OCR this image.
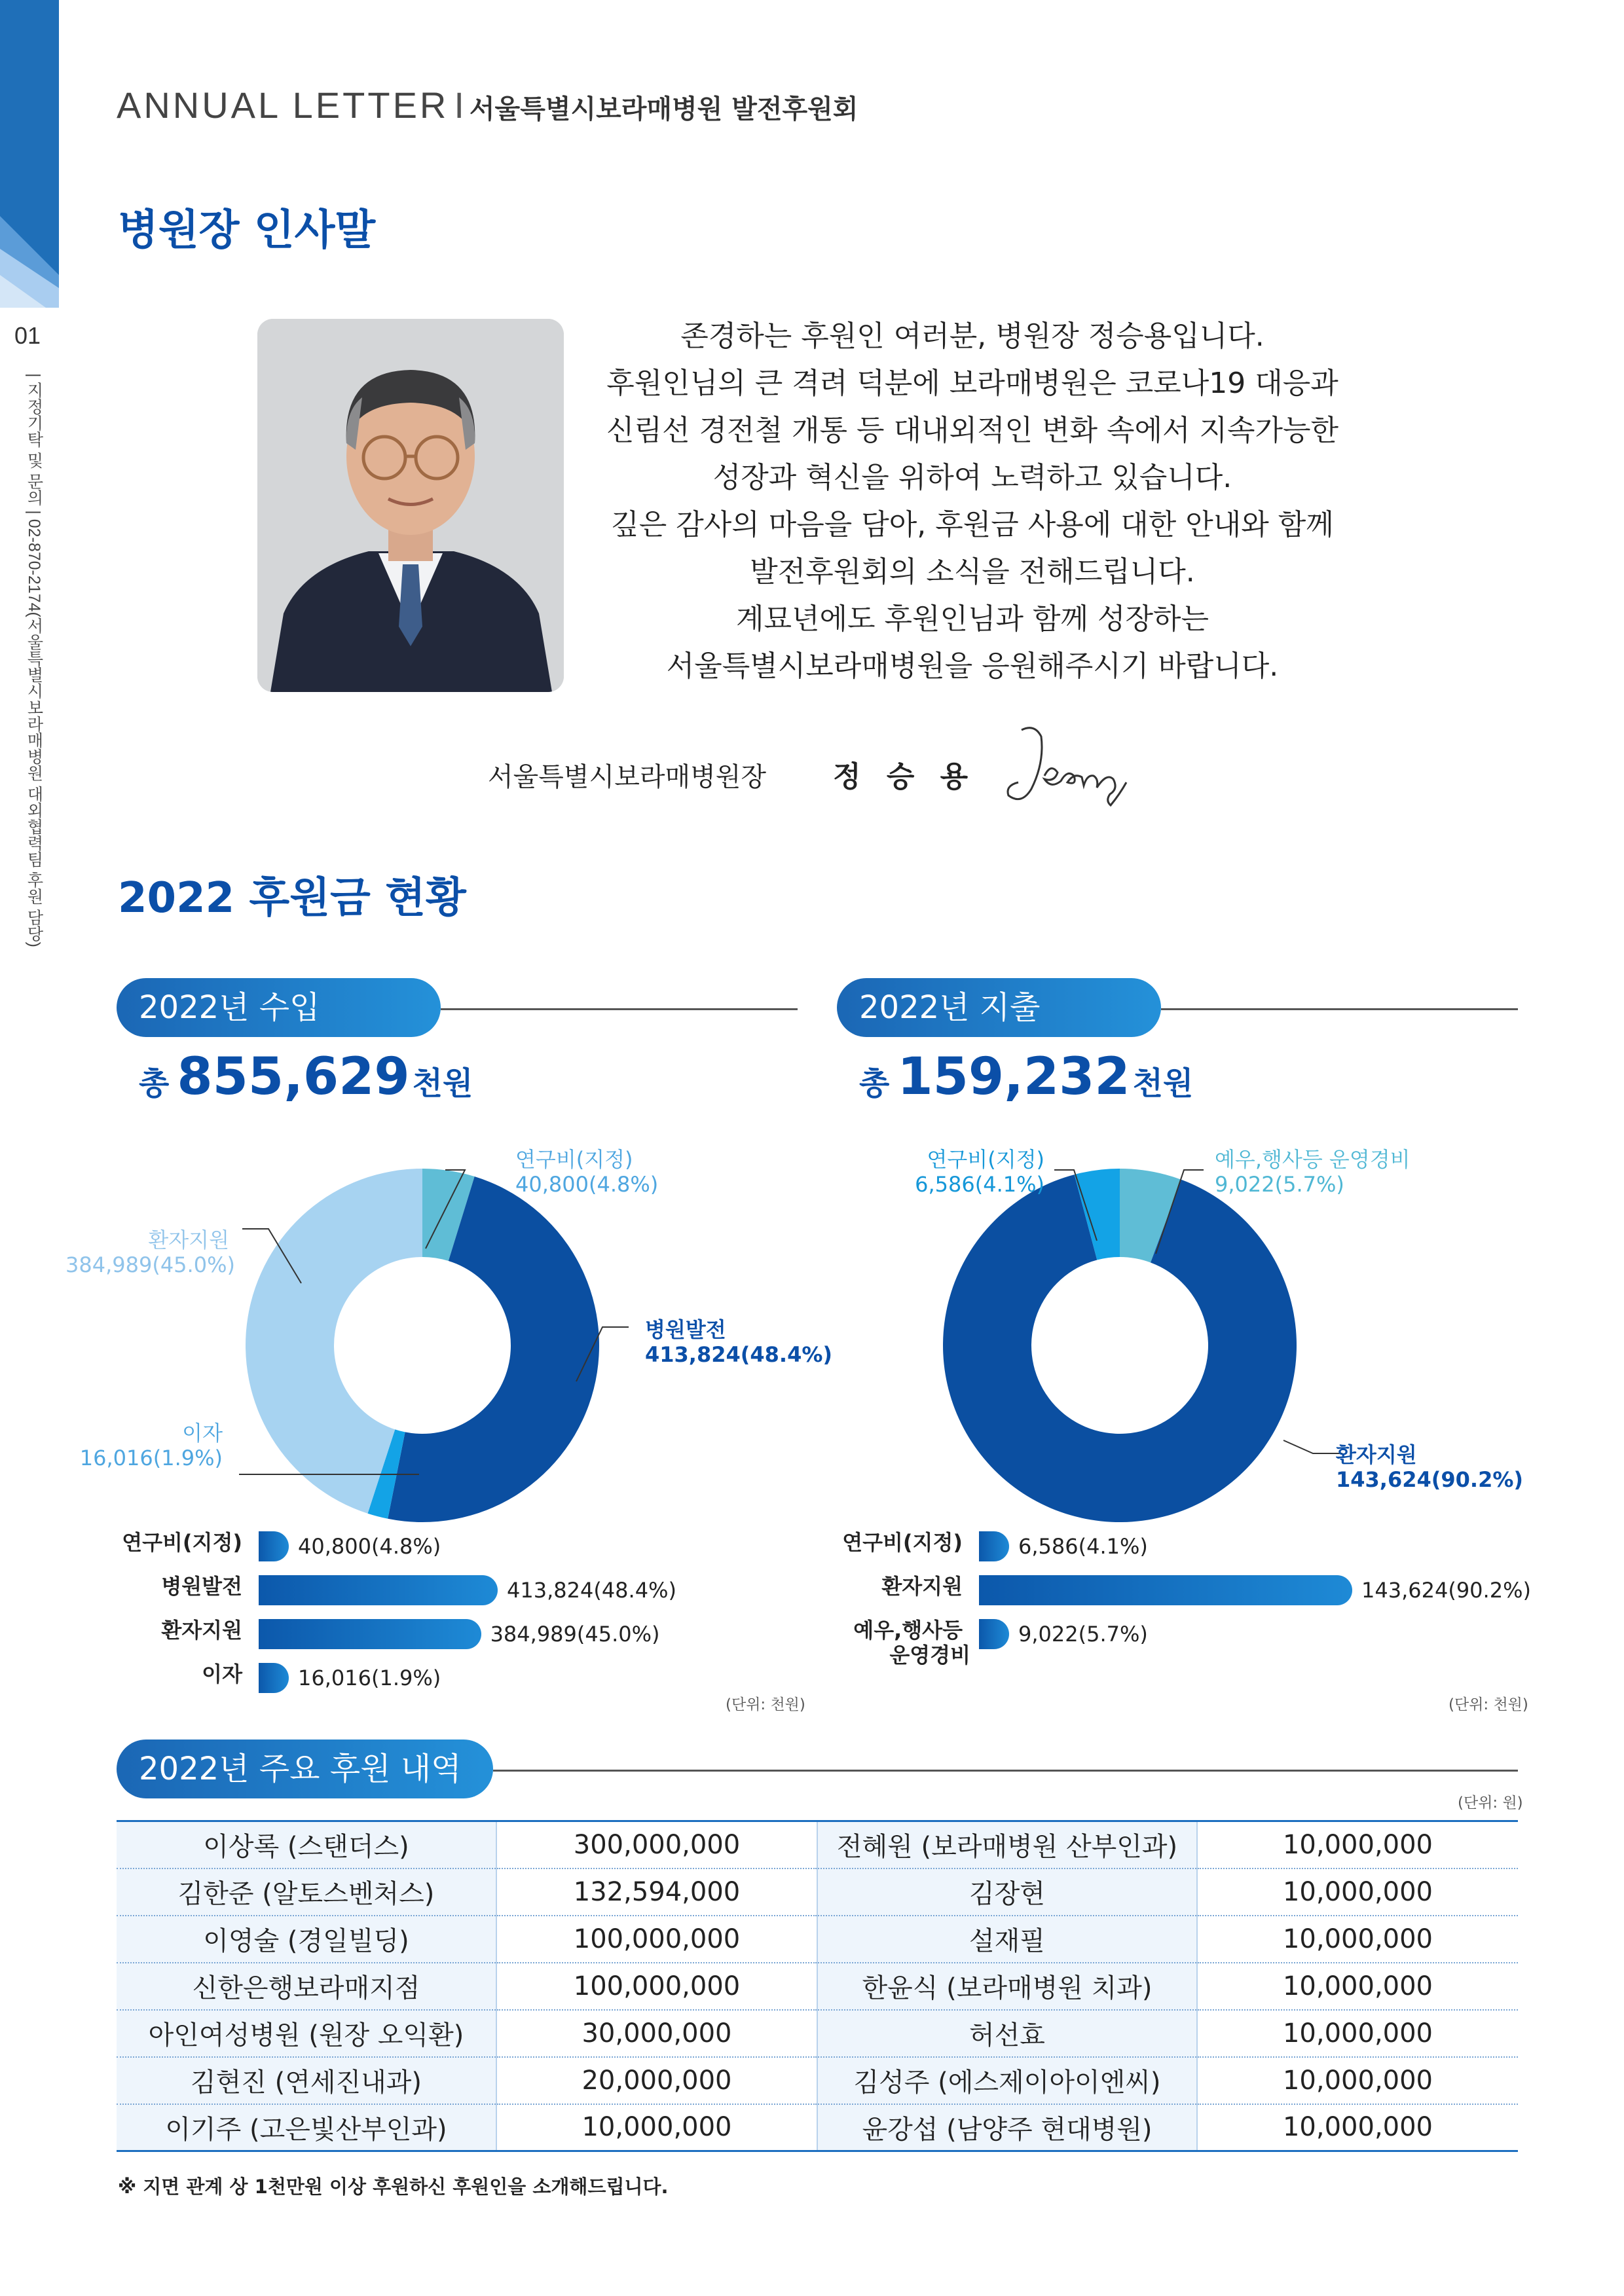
01
| 지정기탁 및 문의 | 02-870-2174(서울특별시보라매병원 대외협력팀 후원 담당)
ANNUAL LETTER I 서울특별시보라매병원 발전후원회
병원장 인사말
존경하는 후원인 여러분, 병원장 정승용입니다.
후원인님의 큰 격려 덕분에 보라매병원은 코로나19 대응과
신림선 경전철 개통 등 대내외적인 변화 속에서 지속가능한
성장과 혁신을 위하여 노력하고 있습니다.
깊은 감사의 마음을 담아, 후원금 사용에 대한 안내와 함께
발전후원회의 소식을 전해드립니다.
계묘년에도 후원인님과 함께 성장하는
서울특별시보라매병원을 응원해주시기 바랍니다.
서울특별시보라매병원장 정 승 용
2022 후원금 현황
2022년 수입	2022년 지출
총 855,629천원	총 159,232천원
연구비(지정)
40,800(4.8%)
병원발전
413,824(48.4%)
이자
16,016(1.9%)
환자지원
384,989(45.0%)
연구비(지정)
6,586(4.1%)
예우,행사등 운영경비
9,022(5.7%)
환자지원
143,624(90.2%)
연구비(지정)
병원발전
환자지원
이자
(단위: 천원)
연구비(지정)
환자지원
예우,행사등
운영경비
(단위: 천원)
2022년 주요 후원 내역
(단위: 원)
이상록 (스탠더스)	300,000,000	전혜원 (보라매병원 산부인과)	10,000,000
김한준 (알토스벤처스)	132,594,000	김장현	10,000,000
이영술 (경일빌딩)	100,000,000	설재필	10,000,000
신한은행보라매지점	100,000,000	한윤식 (보라매병원 치과)	10,000,000
아인여성병원 (원장 오익환)	30,000,000	허선효	10,000,000
김현진 (연세진내과)	20,000,000	김성주 (에스제이아이엔씨)	10,000,000
이기주 (고은빛산부인과)	10,000,000	윤강섭 (남양주 현대병원)	10,000,000
※ 지면 관계 상 1천만원 이상 후원하신 후원인을 소개해드립니다.
40,800(4.8%)
413,824(48.4%)
384,989(45.0%)
16,016(1.9%)
6,586(4.1%)
143,624(90.2%)
9,022(5.7%)
